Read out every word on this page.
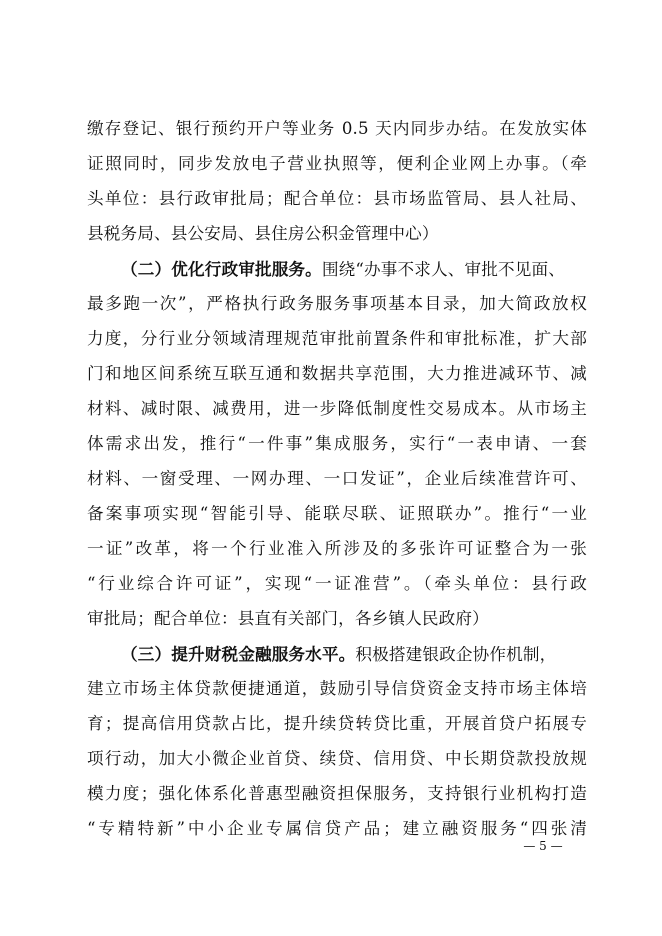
缴存登记、银行预约开户等业务 0.5 天内同步办结。在发放实体
证照同时，同步发放电子营业执照等，便利企业网上办事。（牵
头单位：县行政审批局；配合单位：县市场监管局、县人社局、
县税务局、县公安局、县住房公积金管理中心）
（二）优化行政审批服务。围绕“办事不求人、审批不见面、
最多跑一次”，严格执行政务服务事项基本目录，加大简政放权
力度，分行业分领域清理规范审批前置条件和审批标准，扩大部
门和地区间系统互联互通和数据共享范围，大力推进减环节、减
材料、减时限、减费用，进一步降低制度性交易成本。从市场主
体需求出发，推行“一件事”集成服务，实行“一表申请、一套
材料、一窗受理、一网办理、一口发证”，企业后续准营许可、
备案事项实现“智能引导、能联尽联、证照联办”。推行“一业
一证”改革，将一个行业准入所涉及的多张许可证整合为一张
“行业综合许可证”，实现“一证准营”。（牵头单位：县行政
审批局；配合单位：县直有关部门，各乡镇人民政府）
（三）提升财税金融服务水平。积极搭建银政企协作机制，
建立市场主体贷款便捷通道，鼓励引导信贷资金支持市场主体培
育；提高信用贷款占比，提升续贷转贷比重，开展首贷户拓展专
项行动，加大小微企业首贷、续贷、信用贷、中长期贷款投放规
模力度；强化体系化普惠型融资担保服务，支持银行业机构打造
“专精特新”中小企业专属信贷产品；建立融资服务“四张清
— 5 —
